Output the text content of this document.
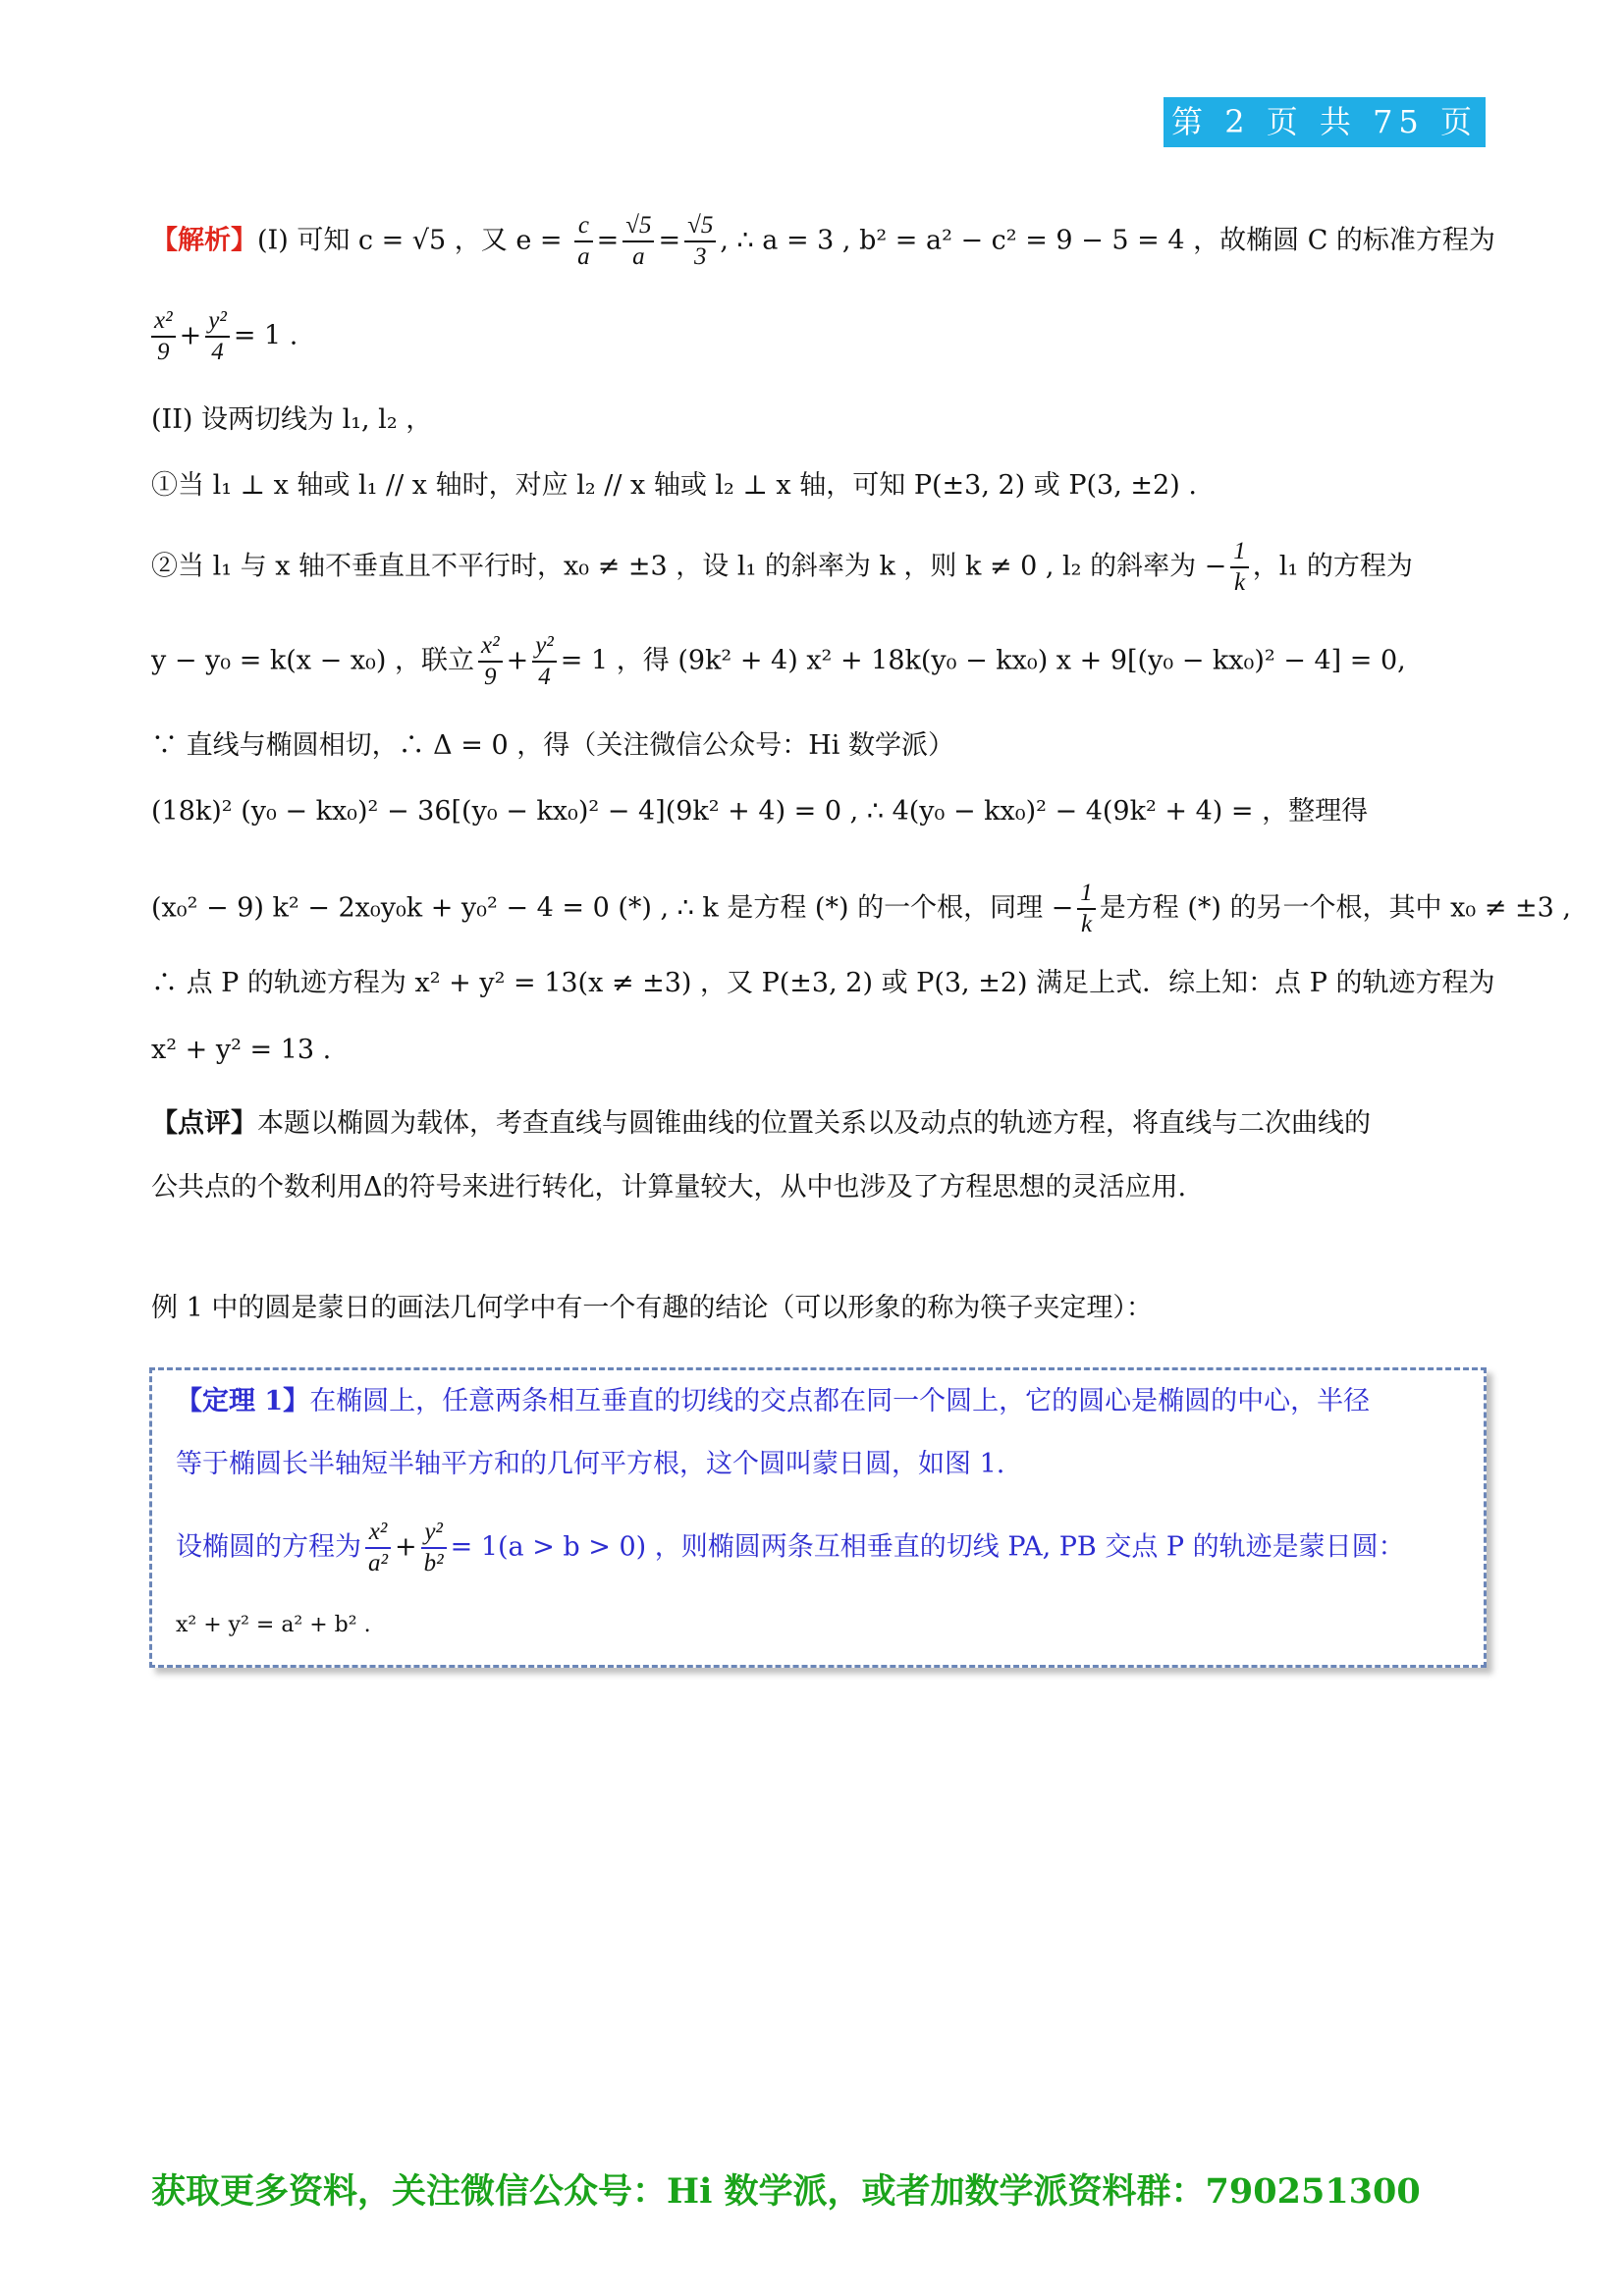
第 2 页 共 75 页
【解析】(I) 可知 c = √5 ，又 $e = \frac{c}{a} = \frac{√5}{a} = \frac{√5}{3}$ , ∴ a = 3 , b² = a² − c² = 9 − 5 = 4 ，故椭圆 C 的标准方程为
$\frac{\text{x²}}{9} + \frac{\text{y²}}{4} = 1$ .
(II) 设两切线为 l₁, l₂ ，
①当 l₁ ⊥ x 轴或 l₁ // x 轴时，对应 l₂ // x 轴或 l₂ ⊥ x 轴，可知 P(±3, 2) 或 P(3, ±2) .
②当 l₁ 与 x 轴不垂直且不平行时，x₀ ≠ ±3 ，设 l₁ 的斜率为 k ，则 k ≠ 0 , l₂ 的斜率为 − $\frac{1}{k}$ ，l₁ 的方程为
y − y₀ = k(x − x₀) ，联立 $\frac{\text{x²}}{9} + \frac{\text{y²}}{4} = 1$ ，得 (9k² + 4) x² + 18k(y₀ − kx₀) x + 9[(y₀ − kx₀)² − 4] = 0,
∵ 直线与椭圆相切，∴ Δ = 0 ，得（关注微信公众号：Hi 数学派）
(18k)² (y₀ − kx₀)² − 36[(y₀ − kx₀)² − 4](9k² + 4) = 0 , ∴ 4(y₀ − kx₀)² − 4(9k² + 4) = ，整理得
(x₀² − 9) k² − 2x₀y₀k + y₀² − 4 = 0 (*) , ∴ k 是方程 (*) 的一个根，同理 − $\frac{1}{k}$ 是方程 (*) 的另一个根，其中 x₀ ≠ ±3 ,
∴ 点 P 的轨迹方程为 x² + y² = 13(x ≠ ±3) ，又 P(±3, 2) 或 P(3, ±2) 满足上式．综上知：点 P 的轨迹方程为
x² + y² = 13 .
【点评】本题以椭圆为载体，考查直线与圆锥曲线的位置关系以及动点的轨迹方程，将直线与二次曲线的
公共点的个数利用Δ的符号来进行转化，计算量较大，从中也涉及了方程思想的灵活应用.
例 1 中的圆是蒙日的画法几何学中有一个有趣的结论（可以形象的称为筷子夹定理）：
【定理 1】在椭圆上，任意两条相互垂直的切线的交点都在同一个圆上，它的圆心是椭圆的中心，半径
等于椭圆长半轴短半轴平方和的几何平方根，这个圆叫蒙日圆，如图 1.
设椭圆的方程为 $\frac{\text{x²}}{\text{a²}} + \frac{\text{y²}}{\text{b²}} = 1(a > b > 0)$ ，则椭圆两条互相垂直的切线 PA, PB 交点 P 的轨迹是蒙日圆：
x² + y² = a² + b² .
获取更多资料，关注微信公众号：Hi 数学派，或者加数学派资料群：790251300
